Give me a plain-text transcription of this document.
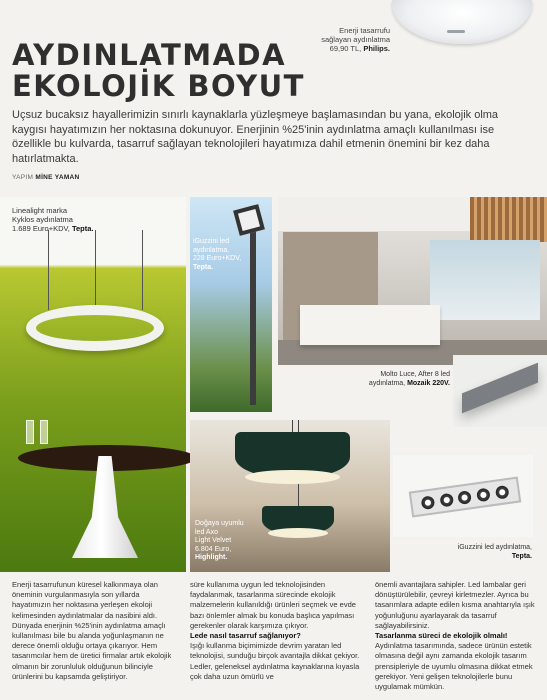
Enerji tasarrufu
sağlayan aydınlatma
69,90 TL, Philips.
AYDINLATMADA
EKOLOJİK BOYUT

Uçsuz bucaksız hayallerimizin sınırlı kaynaklarla yüzleşmeye başlamasından bu yana, ekolojik olma kaygısı hayatımızın her noktasına dokunuyor. Enerjinin %25'inin aydınlatma amaçlı kullanılması ise özellikle bu kulvarda, tasarruf sağlayan teknolojileri hayatımıza dahil etmenin önemini bir kez daha hatırlatmakta.

YAPIM MİNE YAMAN
Linealight marka
Kyklos aydınlatma
1.689 Euro+KDV, Tepta.
iGuzzini led
aydınlatma,
228 Euro+KDV,
Tepta.
Molto Luce, After 8 led
aydınlatma, Mozaik 220V.
Doğaya uyumlu
led Axo
Light Velvet
6.804 Euro,
Highlight.
iGuzzini led aydınlatma,
Tepta.

Enerji tasarrufunun küresel kalkınmaya olan öneminin vurgulanmasıyla son yıllarda hayatımızın her noktasına yerleşen ekoloji kelimesinden aydınlatmalar da nasibini aldı. Dünyada enerjinin %25'inin aydınlatma amaçlı kullanılması bile bu alanda yoğunlaşmanın ne derece önemli olduğu ortaya çıkarıyor. Hem tasarımcılar hem de üretici firmalar artık ekolojik olmanın bir zorunluluk olduğunun bilinciyle ürünlerini bu kapsamda geliştiriyor.

süre kullanıma uygun led teknolojisinden faydalanmak, tasarlanma sürecinde ekolojik malzemelerin kullanıldığı ürünleri seçmek ve evde bazı önlemler almak bu konuda başlıca yapılması gerekenler olarak karşımıza çıkıyor.

Lede nasıl tasarruf sağlanıyor?

Işığı kullanma biçimimizde devrim yaratan led teknolojisi, sunduğu birçok avantajla dikkat çekiyor. Ledler, geleneksel aydınlatma kaynaklarına kıyasla çok daha uzun ömürlü ve

önemli avantajlara sahipler. Led lambalar geri dönüştürülebilir, çevreyi kirletmezler. Ayrıca bu tasarımlara adapte edilen kısma anahtarıyla ışık yoğunluğunu ayarlayarak da tasarruf sağlayabilirsiniz.

Tasarlanma süreci de ekolojik olmalı!

Aydınlatma tasarımında, sadece ürünün estetik olmasına değil aynı zamanda ekolojik tasarım prensipleriyle de uyumlu olmasına dikkat etmek gerekiyor. Yeni gelişen teknolojilerle bunu uygulamak mümkün.
